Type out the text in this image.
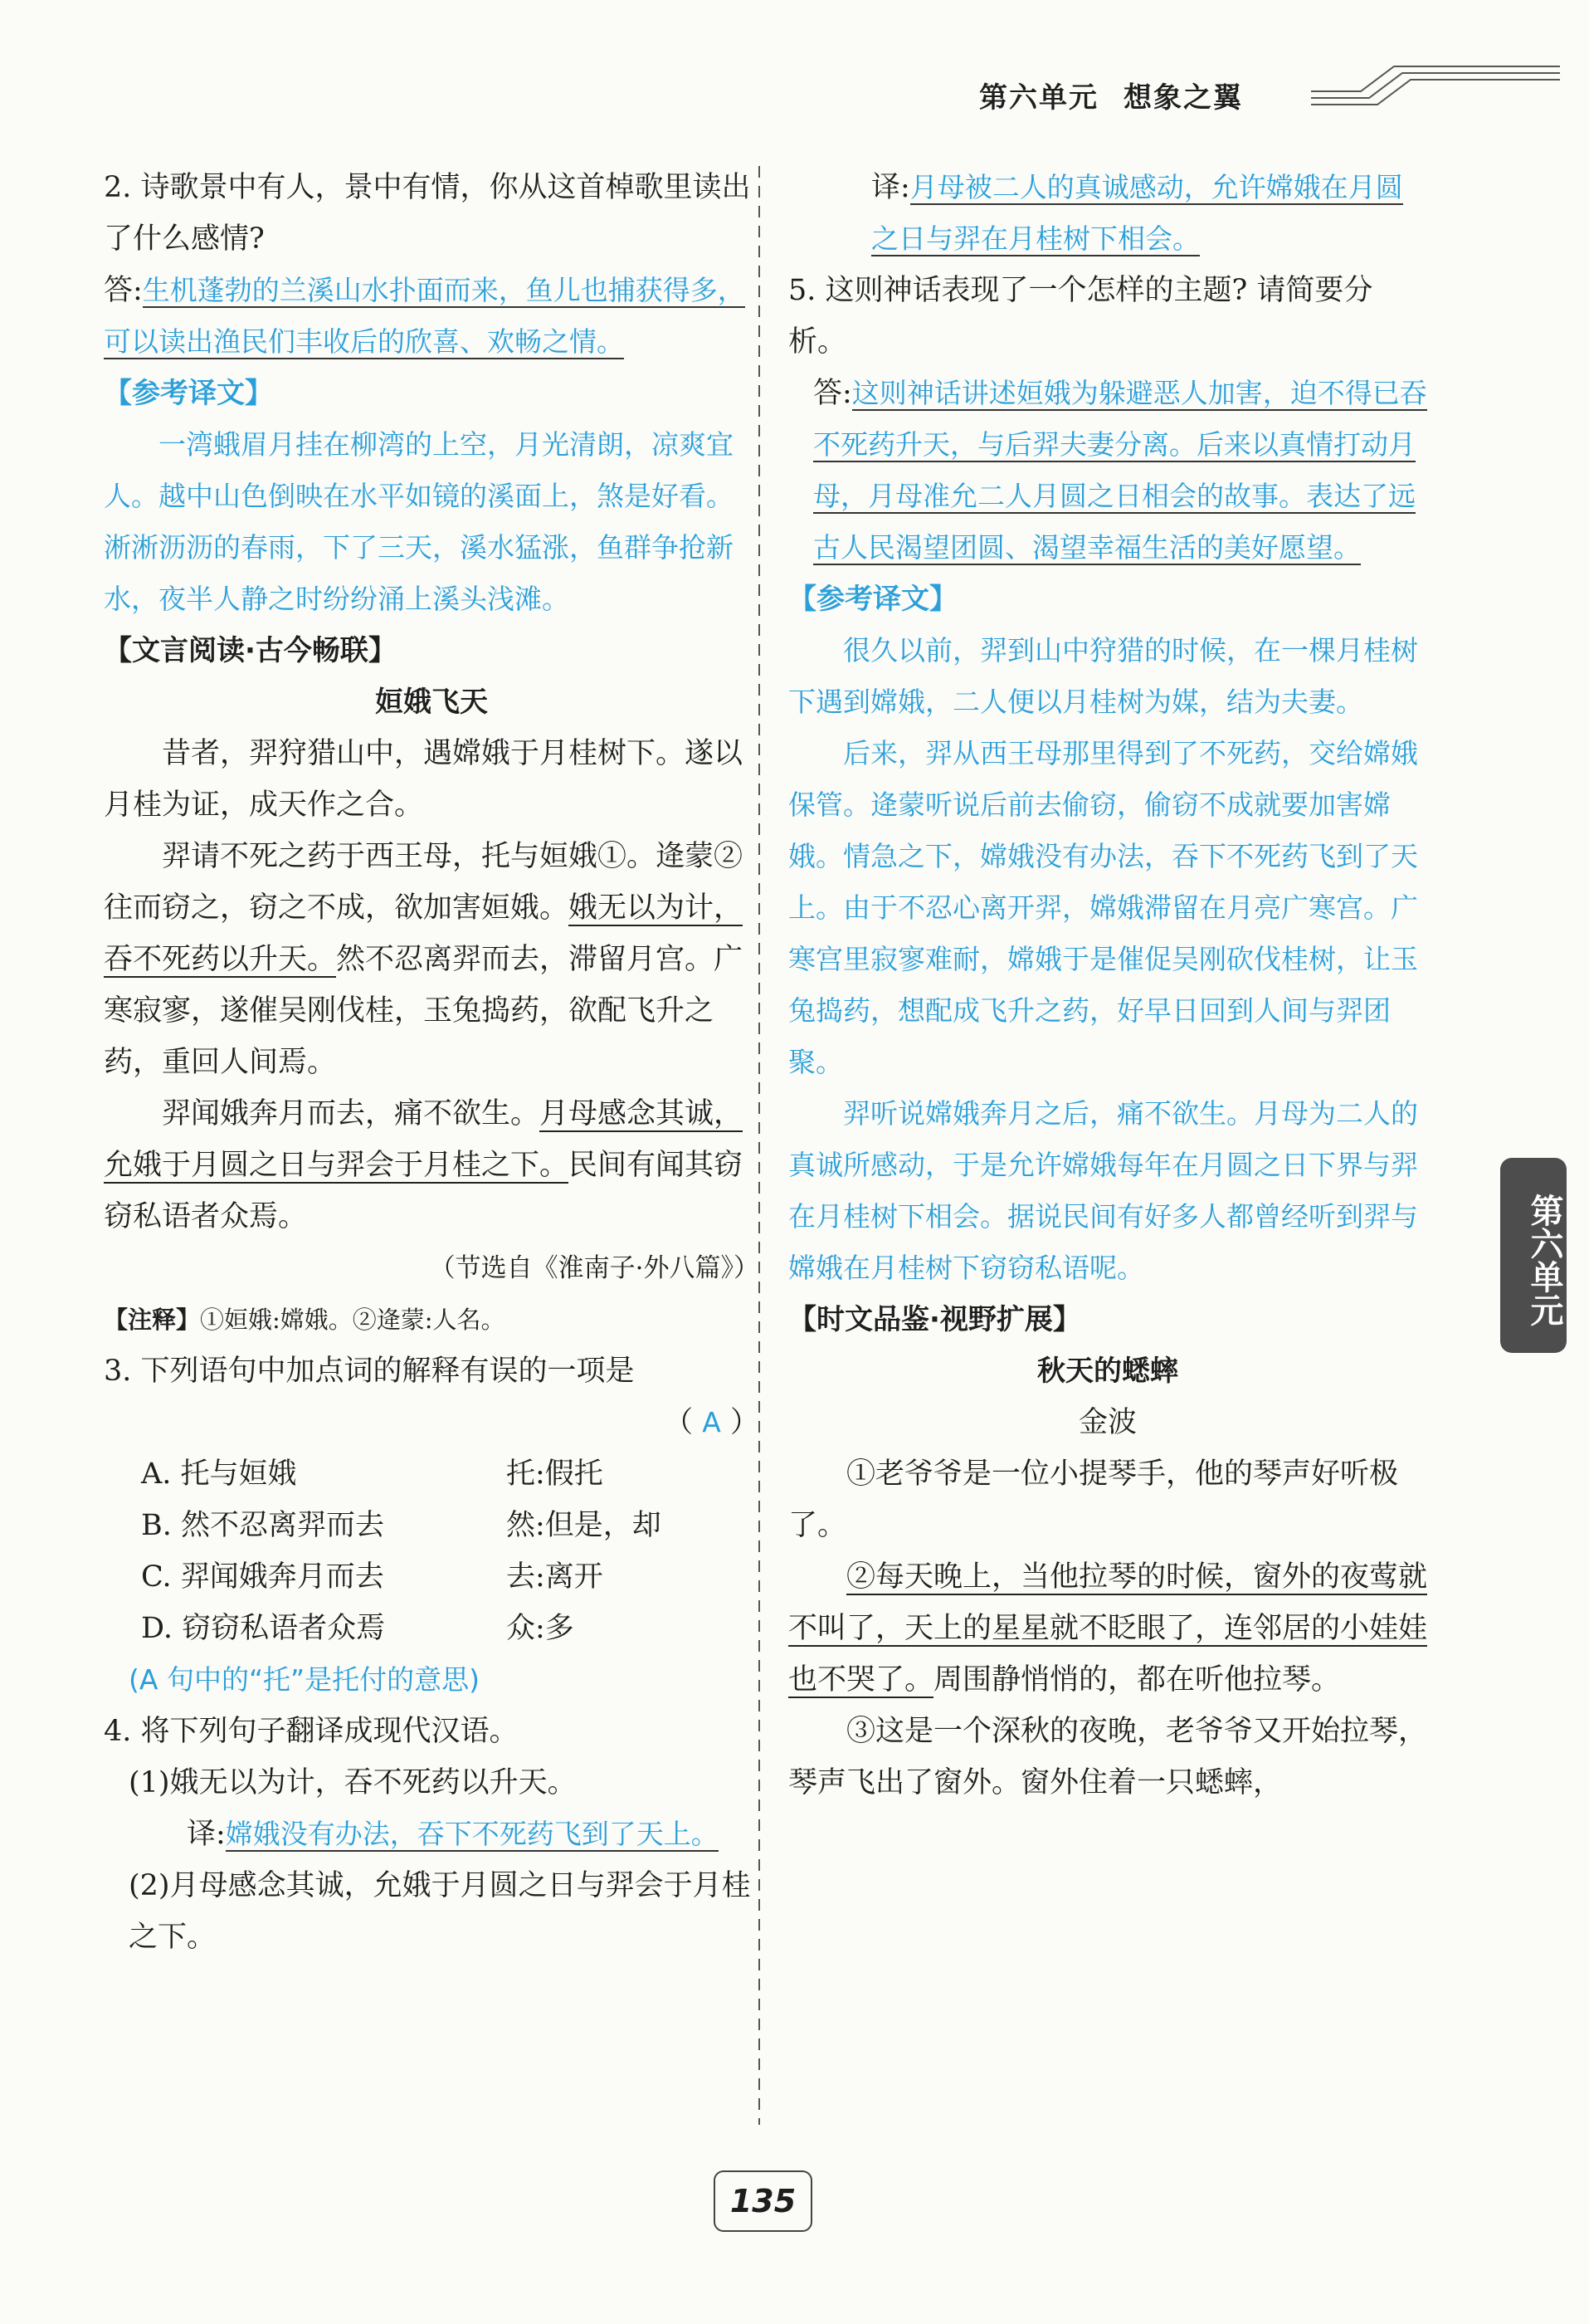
第六单元 想象之翼

2. 诗歌景中有人，景中有情，你从这首棹歌里读出了什么感情?

答:生机蓬勃的兰溪山水扑面而来，鱼儿也捕获得多，可以读出渔民们丰收后的欣喜、欢畅之情。

【参考译文】

一湾蛾眉月挂在柳湾的上空，月光清朗，凉爽宜人。越中山色倒映在水平如镜的溪面上，煞是好看。淅淅沥沥的春雨，下了三天，溪水猛涨，鱼群争抢新水，夜半人静之时纷纷涌上溪头浅滩。

【文言阅读·古今畅联】

姮娥飞天

昔者，羿狩猎山中，遇嫦娥于月桂树下。遂以月桂为证，成天作之合。

羿请不死之药于西王母，托与姮娥①。逄蒙②往而窃之，窃之不成，欲加害姮娥。娥无以为计，吞不死药以升天。然不忍离羿而去，滞留月宫。广寒寂寥，遂催吴刚伐桂，玉兔捣药，欲配飞升之药，重回人间焉。

羿闻娥奔月而去，痛不欲生。月母感念其诚，允娥于月圆之日与羿会于月桂之下。民间有闻其窃窃私语者众焉。

（节选自《淮南子·外八篇》）

【注释】①姮娥:嫦娥。②逄蒙:人名。

3. 下列语句中加点词的解释有误的一项是

（ A ）

A. 托与姮娥	托:假托
B. 然不忍离羿而去	然:但是，却
C. 羿闻娥奔月而去	去:离开
D. 窃窃私语者众焉	众:多

(A 句中的“托”是托付的意思)

4. 将下列句子翻译成现代汉语。

(1)娥无以为计，吞不死药以升天。

译:嫦娥没有办法，吞下不死药飞到了天上。

(2)月母感念其诚，允娥于月圆之日与羿会于月桂之下。

译:月母被二人的真诚感动，允许嫦娥在月圆之日与羿在月桂树下相会。

5. 这则神话表现了一个怎样的主题? 请简要分析。

答:这则神话讲述姮娥为躲避恶人加害，迫不得已吞不死药升天，与后羿夫妻分离。后来以真情打动月母，月母准允二人月圆之日相会的故事。表达了远古人民渴望团圆、渴望幸福生活的美好愿望。

【参考译文】

很久以前，羿到山中狩猎的时候，在一棵月桂树下遇到嫦娥，二人便以月桂树为媒，结为夫妻。

后来，羿从西王母那里得到了不死药，交给嫦娥保管。逄蒙听说后前去偷窃，偷窃不成就要加害嫦娥。情急之下，嫦娥没有办法，吞下不死药飞到了天上。由于不忍心离开羿，嫦娥滞留在月亮广寒宫。广寒宫里寂寥难耐，嫦娥于是催促吴刚砍伐桂树，让玉兔捣药，想配成飞升之药，好早日回到人间与羿团聚。

羿听说嫦娥奔月之后，痛不欲生。月母为二人的真诚所感动，于是允许嫦娥每年在月圆之日下界与羿在月桂树下相会。据说民间有好多人都曾经听到羿与嫦娥在月桂树下窃窃私语呢。

【时文品鉴·视野扩展】

秋天的蟋蟀

金波

①老爷爷是一位小提琴手，他的琴声好听极了。

②每天晚上，当他拉琴的时候，窗外的夜莺就不叫了，天上的星星就不眨眼了，连邻居的小娃娃也不哭了。周围静悄悄的，都在听他拉琴。

③这是一个深秋的夜晚，老爷爷又开始拉琴，琴声飞出了窗外。窗外住着一只蟋蟀，

第六单元
135
